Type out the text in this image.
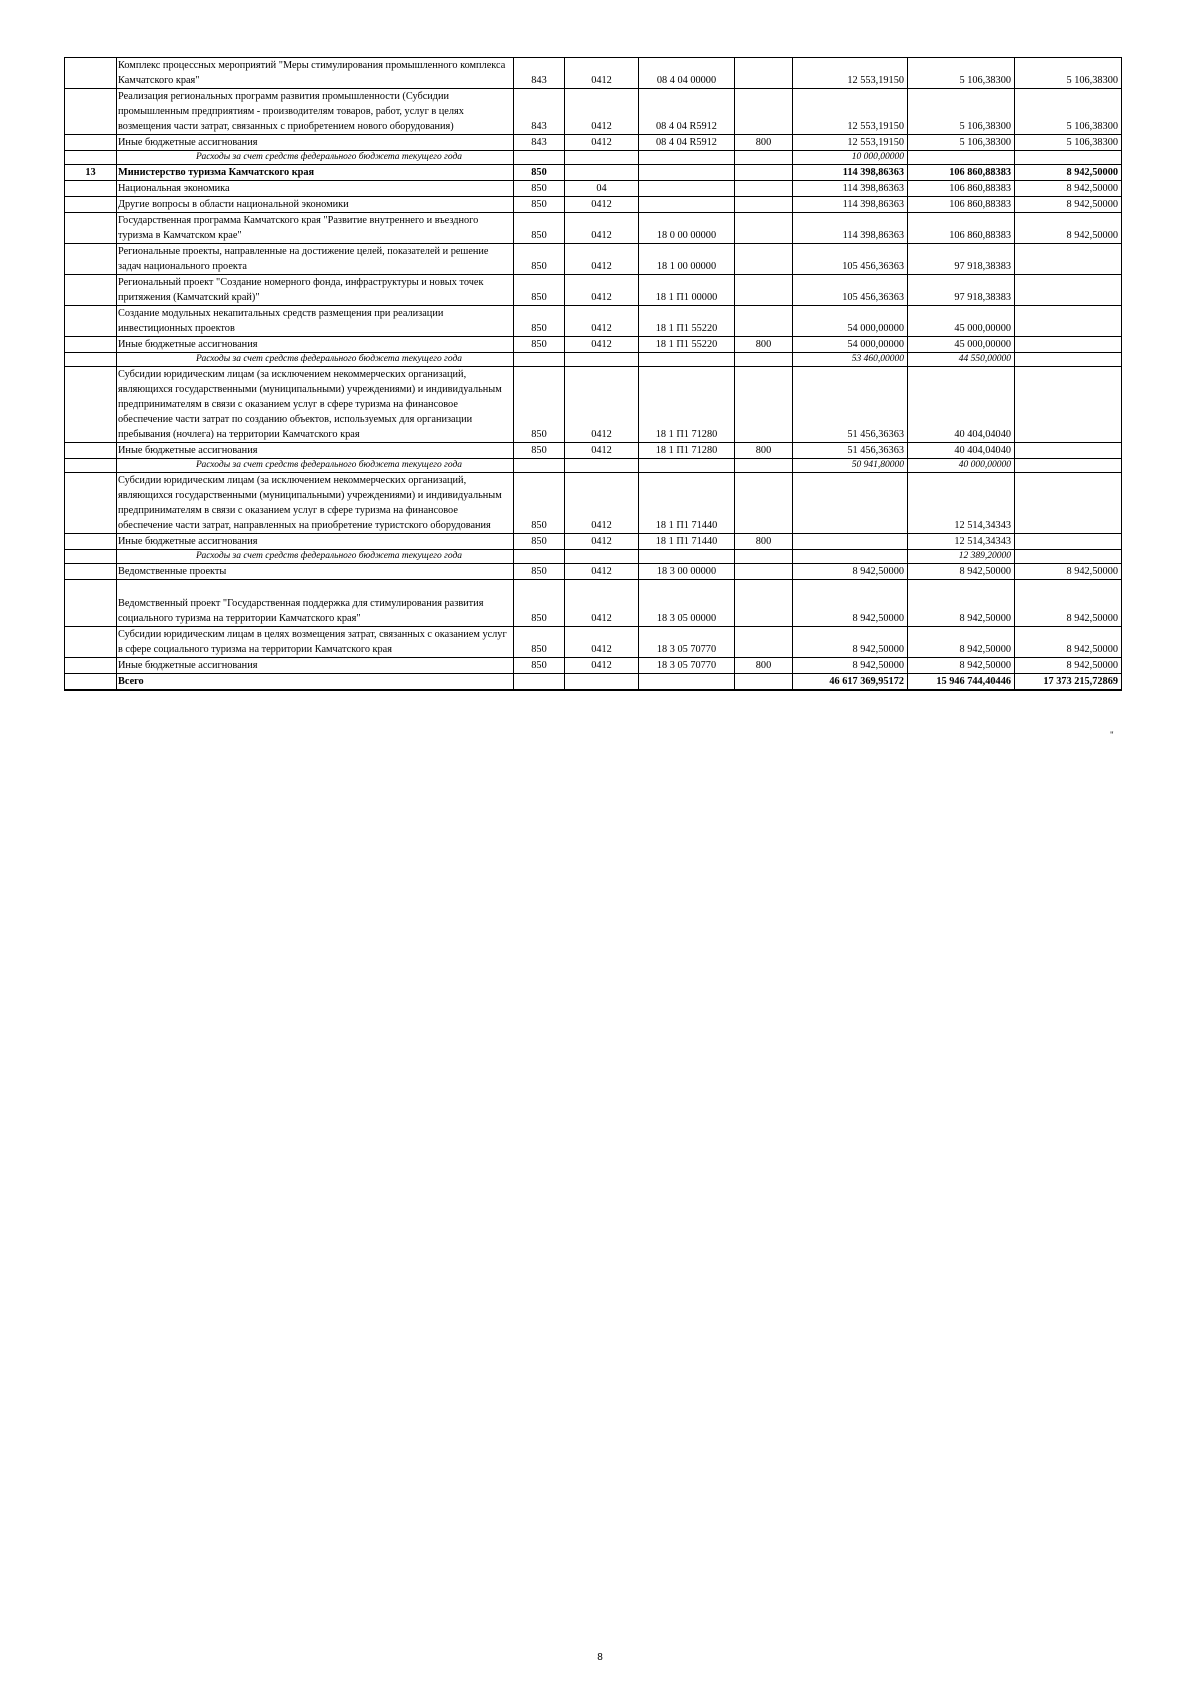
	Комплекс процессных мероприятий "Меры стимулирования промышленного комплекса Камчатского края"	843	0412	08 4 04 00000		12 553,19150	5 106,38300	5 106,38300
	Реализация региональных программ развития промышленности (Субсидии промышленным предприятиям - производителям товаров, работ, услуг в целях возмещения части затрат, связанных с приобретением нового оборудования)	843	0412	08 4 04 R5912		12 553,19150	5 106,38300	5 106,38300
	Иные бюджетные ассигнования	843	0412	08 4 04 R5912	800	12 553,19150	5 106,38300	5 106,38300
	Расходы за счет средств федерального бюджета текущего года					10 000,00000		
13	Министерство туризма Камчатского края	850				114 398,86363	106 860,88383	8 942,50000
	Национальная экономика	850	04			114 398,86363	106 860,88383	8 942,50000
	Другие вопросы в области национальной экономики	850	0412			114 398,86363	106 860,88383	8 942,50000
	Государственная программа Камчатского края "Развитие внутреннего и въездного туризма в Камчатском крае"	850	0412	18 0 00 00000		114 398,86363	106 860,88383	8 942,50000
	Региональные проекты, направленные на достижение целей, показателей и решение задач национального проекта	850	0412	18 1 00 00000		105 456,36363	97 918,38383	
	Региональный проект "Создание номерного фонда, инфраструктуры и новых точек притяжения (Камчатский край)"	850	0412	18 1 П1 00000		105 456,36363	97 918,38383	
	Создание модульных некапитальных средств размещения при реализации инвестиционных проектов	850	0412	18 1 П1 55220		54 000,00000	45 000,00000	
	Иные бюджетные ассигнования	850	0412	18 1 П1 55220	800	54 000,00000	45 000,00000	
	Расходы за счет средств федерального бюджета текущего года					53 460,00000	44 550,00000	
	Субсидии юридическим лицам (за исключением некоммерческих организаций, являющихся государственными (муниципальными) учреждениями) и индивидуальным предпринимателям в связи с оказанием услуг в сфере туризма на финансовое обеспечение части затрат по созданию объектов, используемых для организации пребывания (ночлега) на территории Камчатского края	850	0412	18 1 П1 71280		51 456,36363	40 404,04040	
	Иные бюджетные ассигнования	850	0412	18 1 П1 71280	800	51 456,36363	40 404,04040	
	Расходы за счет средств федерального бюджета текущего года					50 941,80000	40 000,00000	
	Субсидии юридическим лицам (за исключением некоммерческих организаций, являющихся государственными (муниципальными) учреждениями) и индивидуальным предпринимателям в связи с оказанием услуг в сфере туризма на финансовое обеспечение части затрат, направленных на приобретение туристского оборудования	850	0412	18 1 П1 71440			12 514,34343	
	Иные бюджетные ассигнования	850	0412	18 1 П1 71440	800		12 514,34343	
	Расходы за счет средств федерального бюджета текущего года						12 389,20000	
	Ведомственные проекты	850	0412	18 3 00 00000		8 942,50000	8 942,50000	8 942,50000
	Ведомственный проект "Государственная поддержка для стимулирования развития социального туризма на территории Камчатского края"	850	0412	18 3 05 00000		8 942,50000	8 942,50000	8 942,50000
	Субсидии юридическим лицам в целях возмещения затрат, связанных с оказанием услуг в сфере социального туризма на территории Камчатского края	850	0412	18 3 05 70770		8 942,50000	8 942,50000	8 942,50000
	Иные бюджетные ассигнования	850	0412	18 3 05 70770	800	8 942,50000	8 942,50000	8 942,50000
	Всего					46 617 369,95172	15 946 744,40446	17 373 215,72869
"
8
